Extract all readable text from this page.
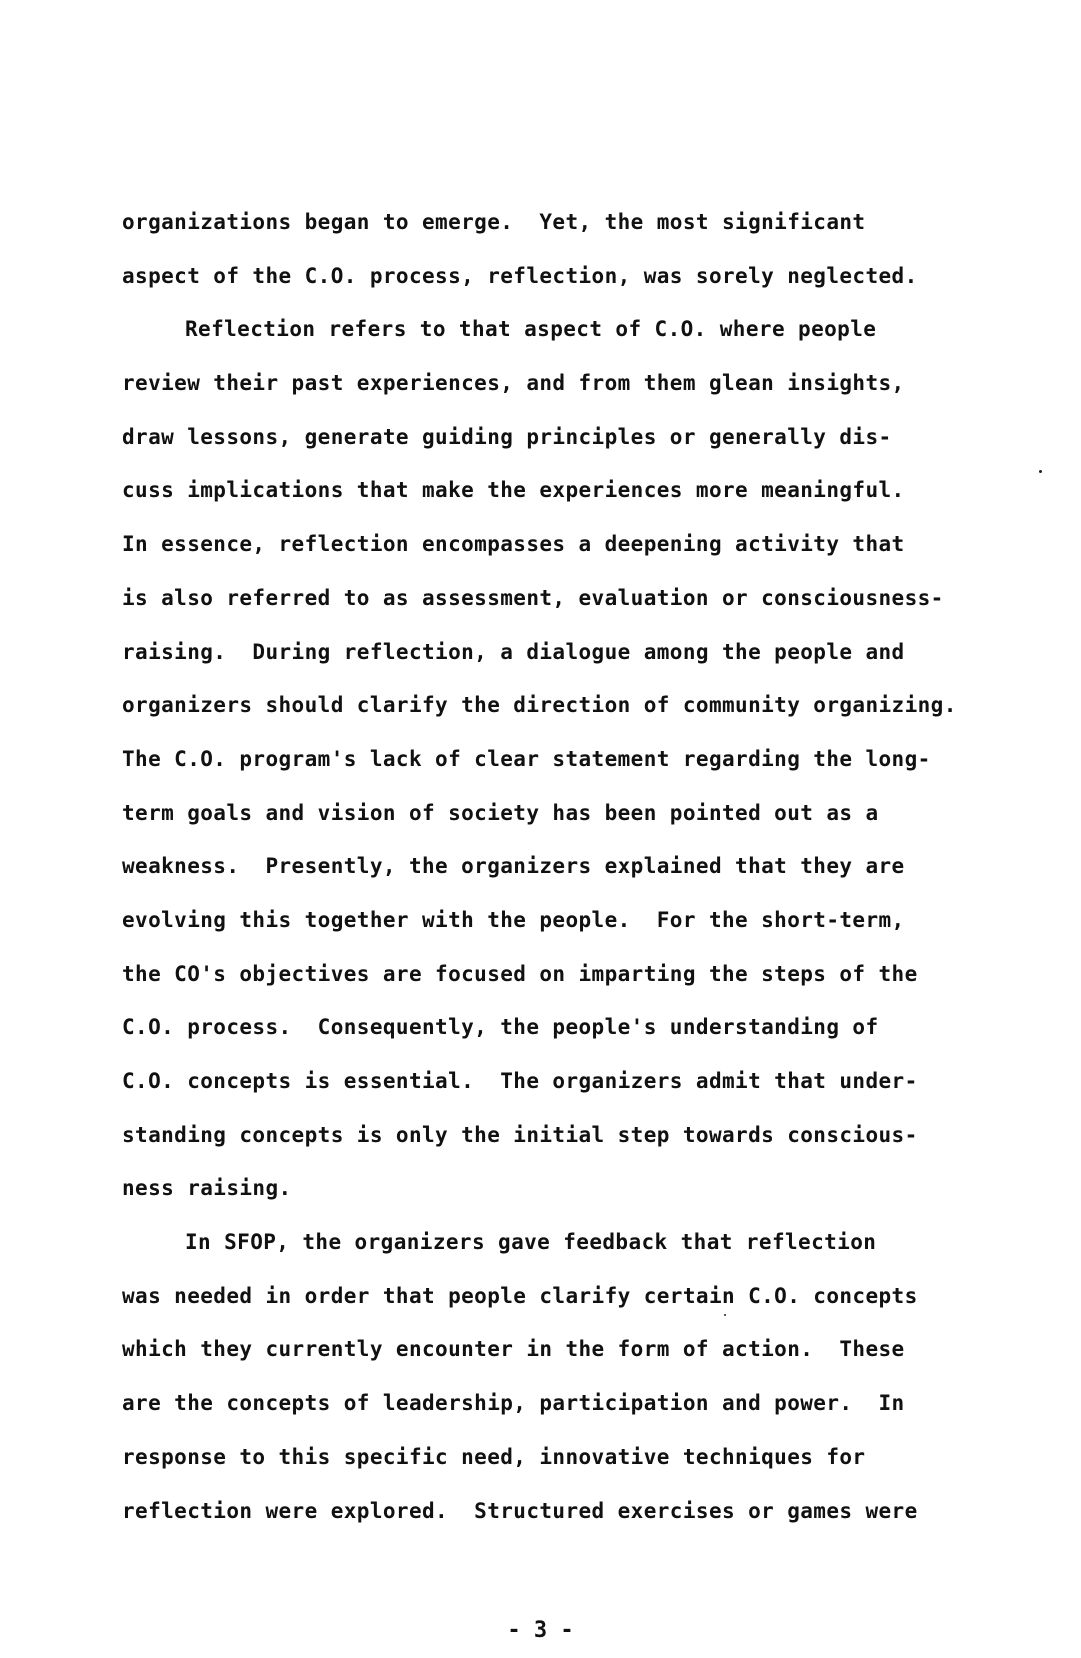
organizations began to emerge.  Yet, the most significant
aspect of the C.O. process, reflection, was sorely neglected.
Reflection refers to that aspect of C.O. where people
review their past experiences, and from them glean insights,
draw lessons, generate guiding principles or generally dis-
cuss implications that make the experiences more meaningful.
In essence, reflection encompasses a deepening activity that
is also referred to as assessment, evaluation or consciousness-
raising.  During reflection, a dialogue among the people and
organizers should clarify the direction of community organizing.
The C.O. program's lack of clear statement regarding the long-
term goals and vision of society has been pointed out as a
weakness.  Presently, the organizers explained that they are
evolving this together with the people.  For the short-term,
the CO's objectives are focused on imparting the steps of the
C.O. process.  Consequently, the people's understanding of
C.O. concepts is essential.  The organizers admit that under-
standing concepts is only the initial step towards conscious-
ness raising.
In SFOP, the organizers gave feedback that reflection
was needed in order that people clarify certain C.O. concepts
which they currently encounter in the form of action.  These
are the concepts of leadership, participation and power.  In
response to this specific need, innovative techniques for
reflection were explored.  Structured exercises or games were
- 3 -
